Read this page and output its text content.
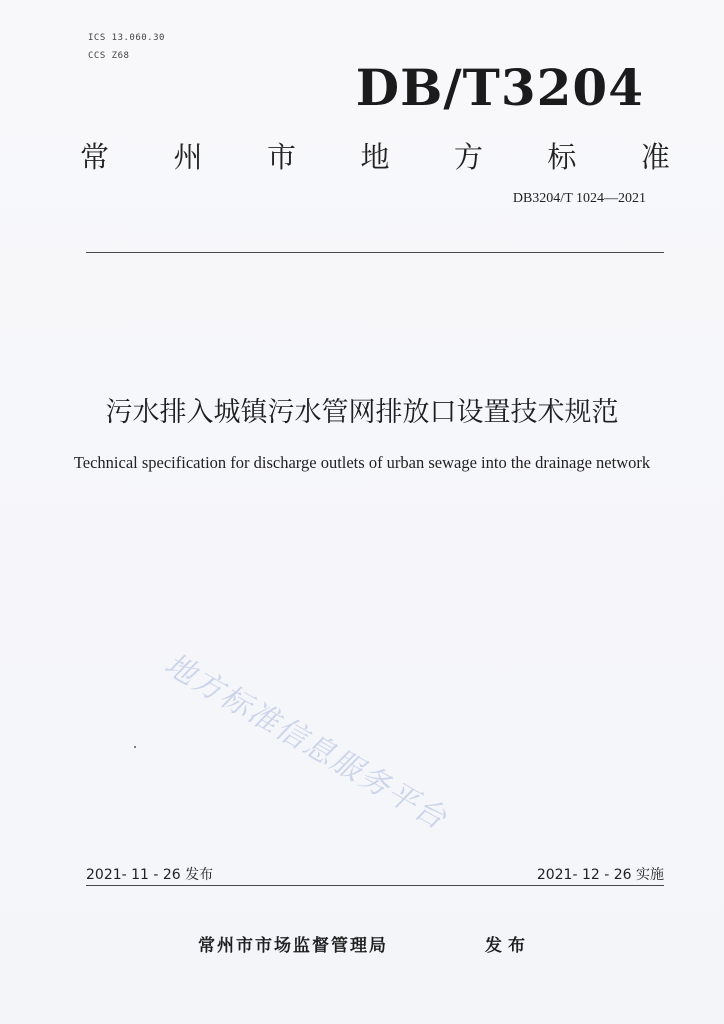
ICS 13.060.30
CCS Z68
DB/T3204
常 州 市 地 方 标 准
DB3204/T 1024—2021
污水排入城镇污水管网排放口设置技术规范
Technical specification for discharge outlets of urban sewage into the drainage network
地方标准信息服务平台
2021- 11 - 26 发布	2021- 12 - 26 实施
常州市市场监督管理局	发布
